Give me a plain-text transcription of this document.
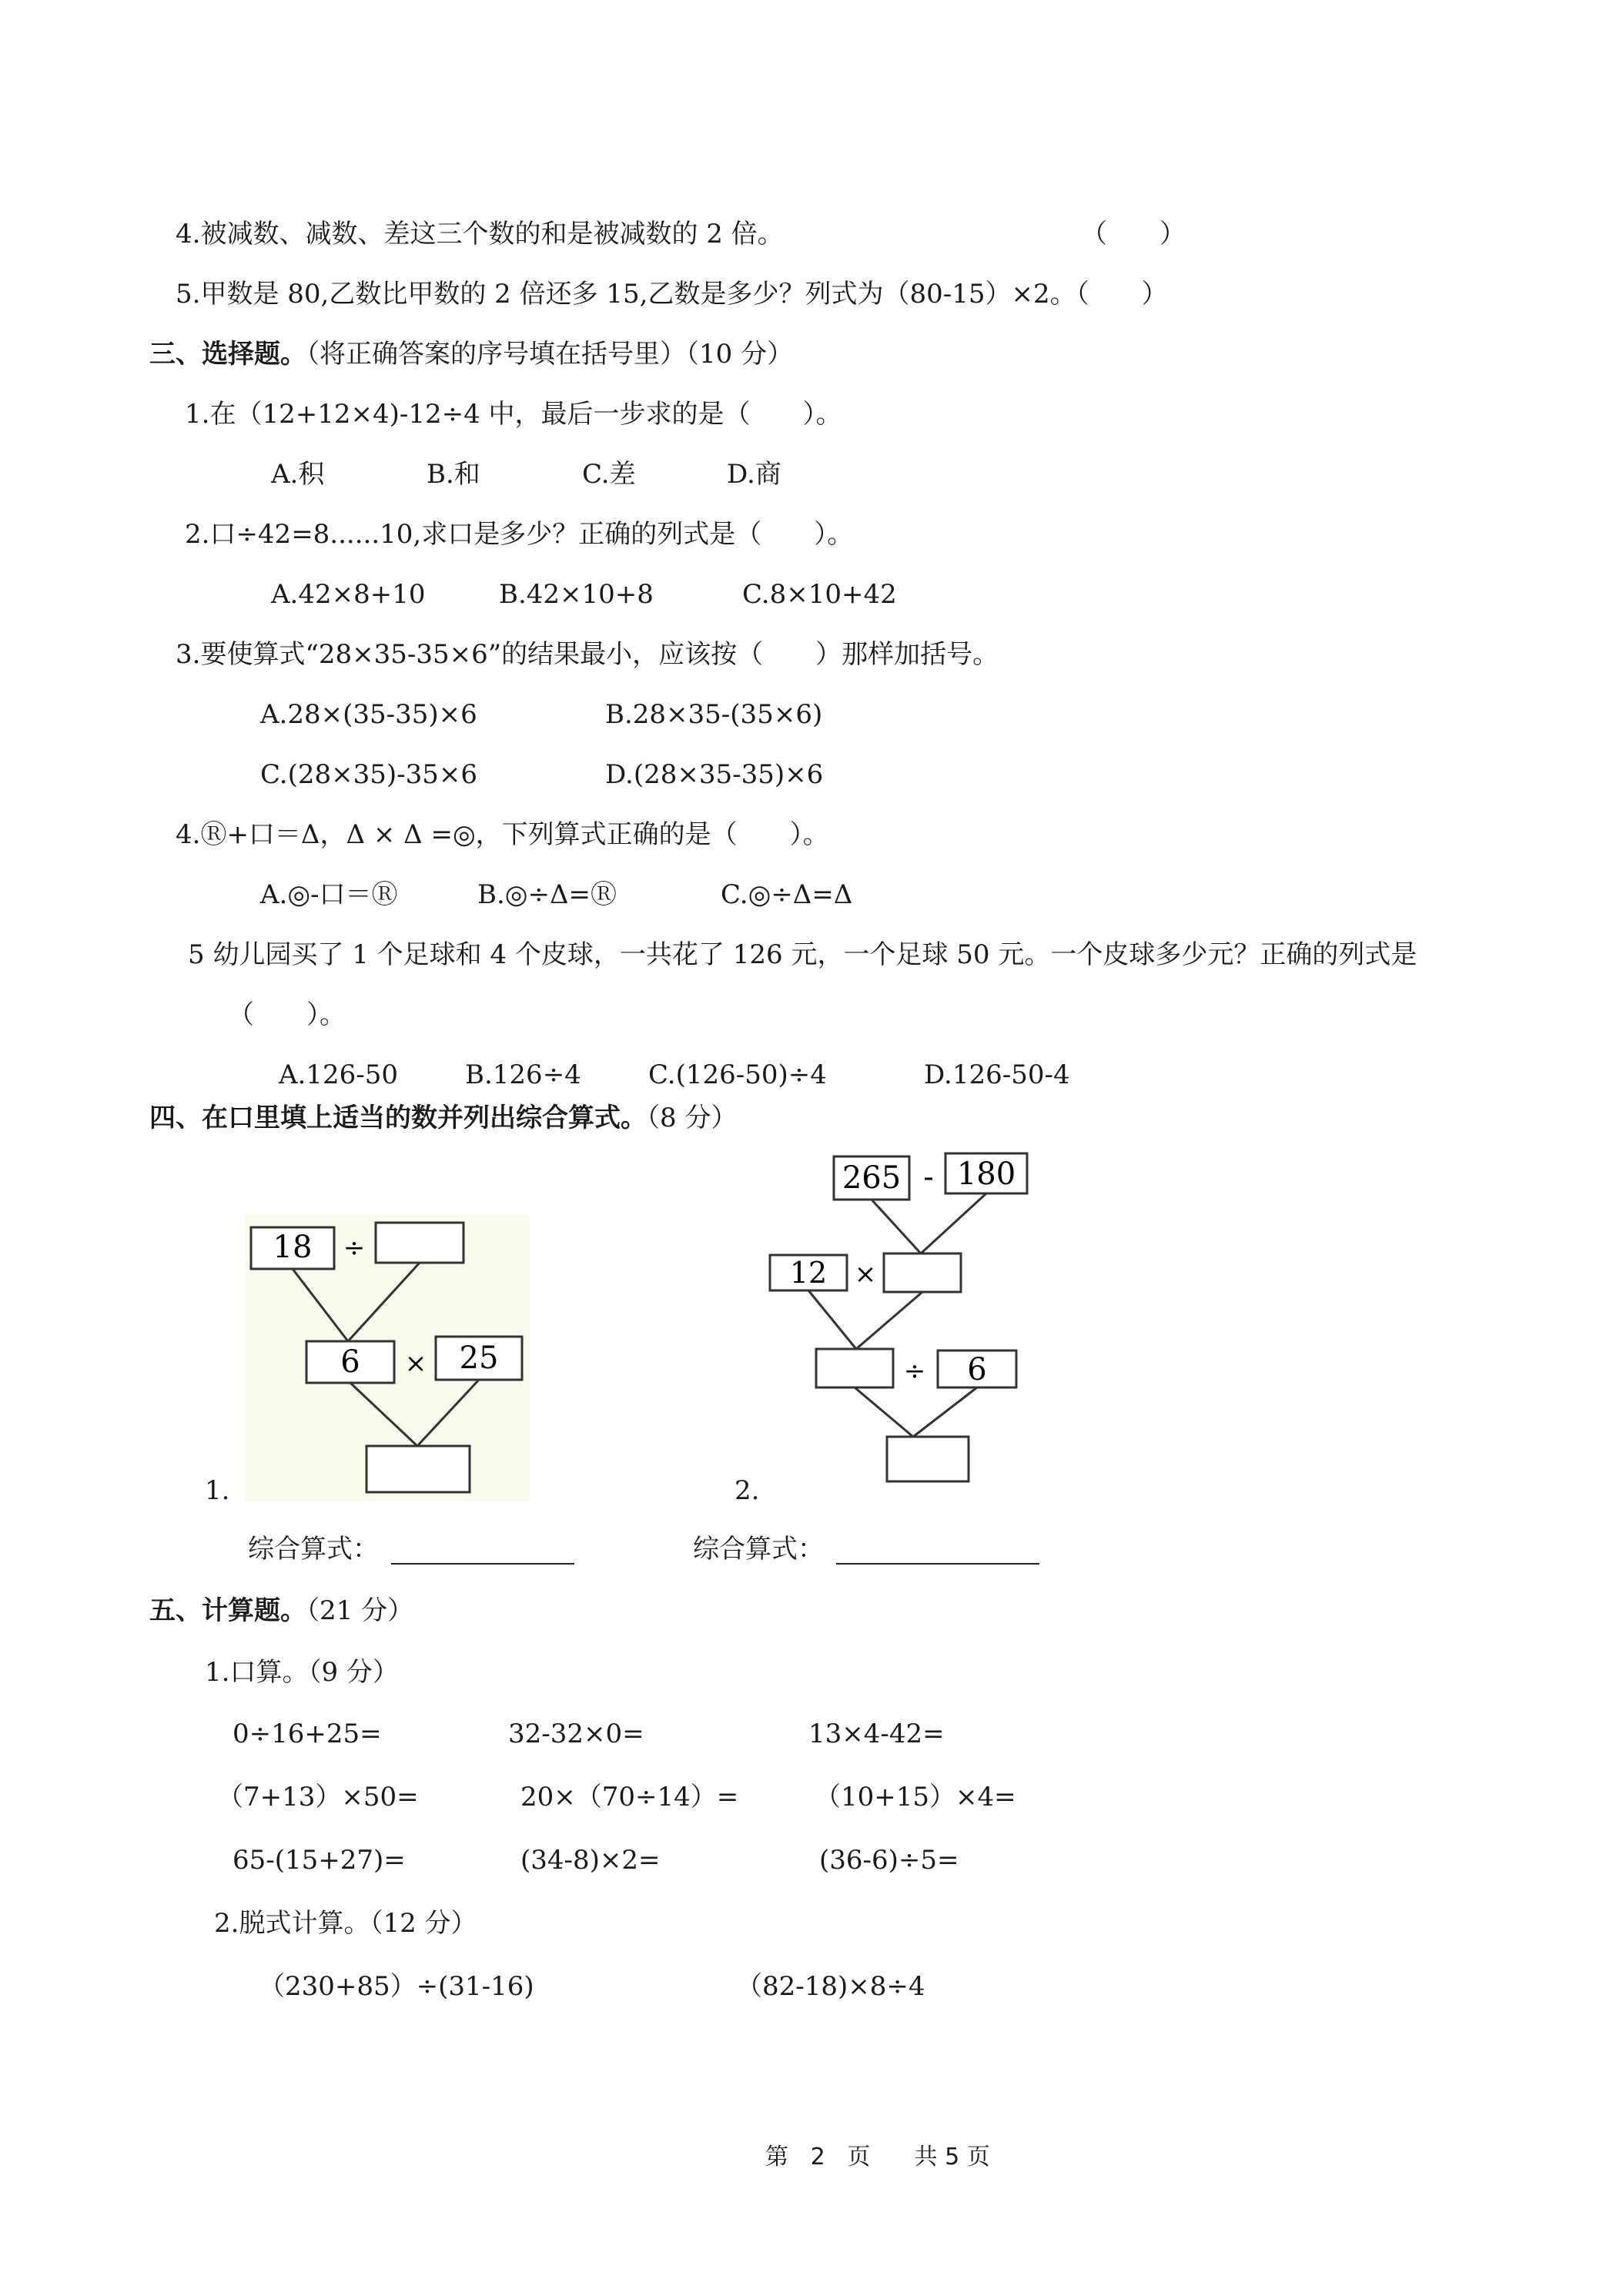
4.被减数、减数、差这三个数的和是被减数的 2 倍。	（　　）
5.甲数是 80,乙数比甲数的 2 倍还多 15,乙数是多少？列式为（80-15）×2。（　　）
三、选择题。（将正确答案的序号填在括号里）（10 分）
1.在（12+12×4)-12÷4 中，最后一步求的是（　　）。
A.积	B.和	C.差	D.商
2.口÷42=8......10,求口是多少？正确的列式是（　　）。
A.42×8+10	B.42×10+8	C.8×10+42
3.要使算式“28×35-35×6”的结果最小，应该按（　　）那样加括号。
A.28×(35-35)×6	B.28×35-(35×6)
C.(28×35)-35×6	D.(28×35-35)×6
4.Ⓡ+口＝Δ，Δ × Δ =◎，下列算式正确的是（　　）。
A.◎-口＝Ⓡ	B.◎÷Δ=Ⓡ	C.◎÷Δ=Δ
5 幼儿园买了 1 个足球和 4 个皮球，一共花了 126 元，一个足球 50 元。一个皮球多少元？正确的列式是
（　　）。
A.126-50	B.126÷4	C.(126-50)÷4	D.126-50-4
四、在口里填上适当的数并列出综合算式。（8 分）
18 ÷
6 × 25
1.
综合算式：
265 - 180
12 ×
÷ 6
2.
综合算式：
五、计算题。（21 分）
1.口算。（9 分）
0÷16+25=	32-32×0=	13×4-42=
（7+13）×50=	20×（70÷14）=	（10+15）×4=
65-(15+27)=	(34-8)×2=	(36-6)÷5=
2.脱式计算。（12 分）
（230+85）÷(31-16)	（82-18)×8÷4
第 2 页 共 5 页
